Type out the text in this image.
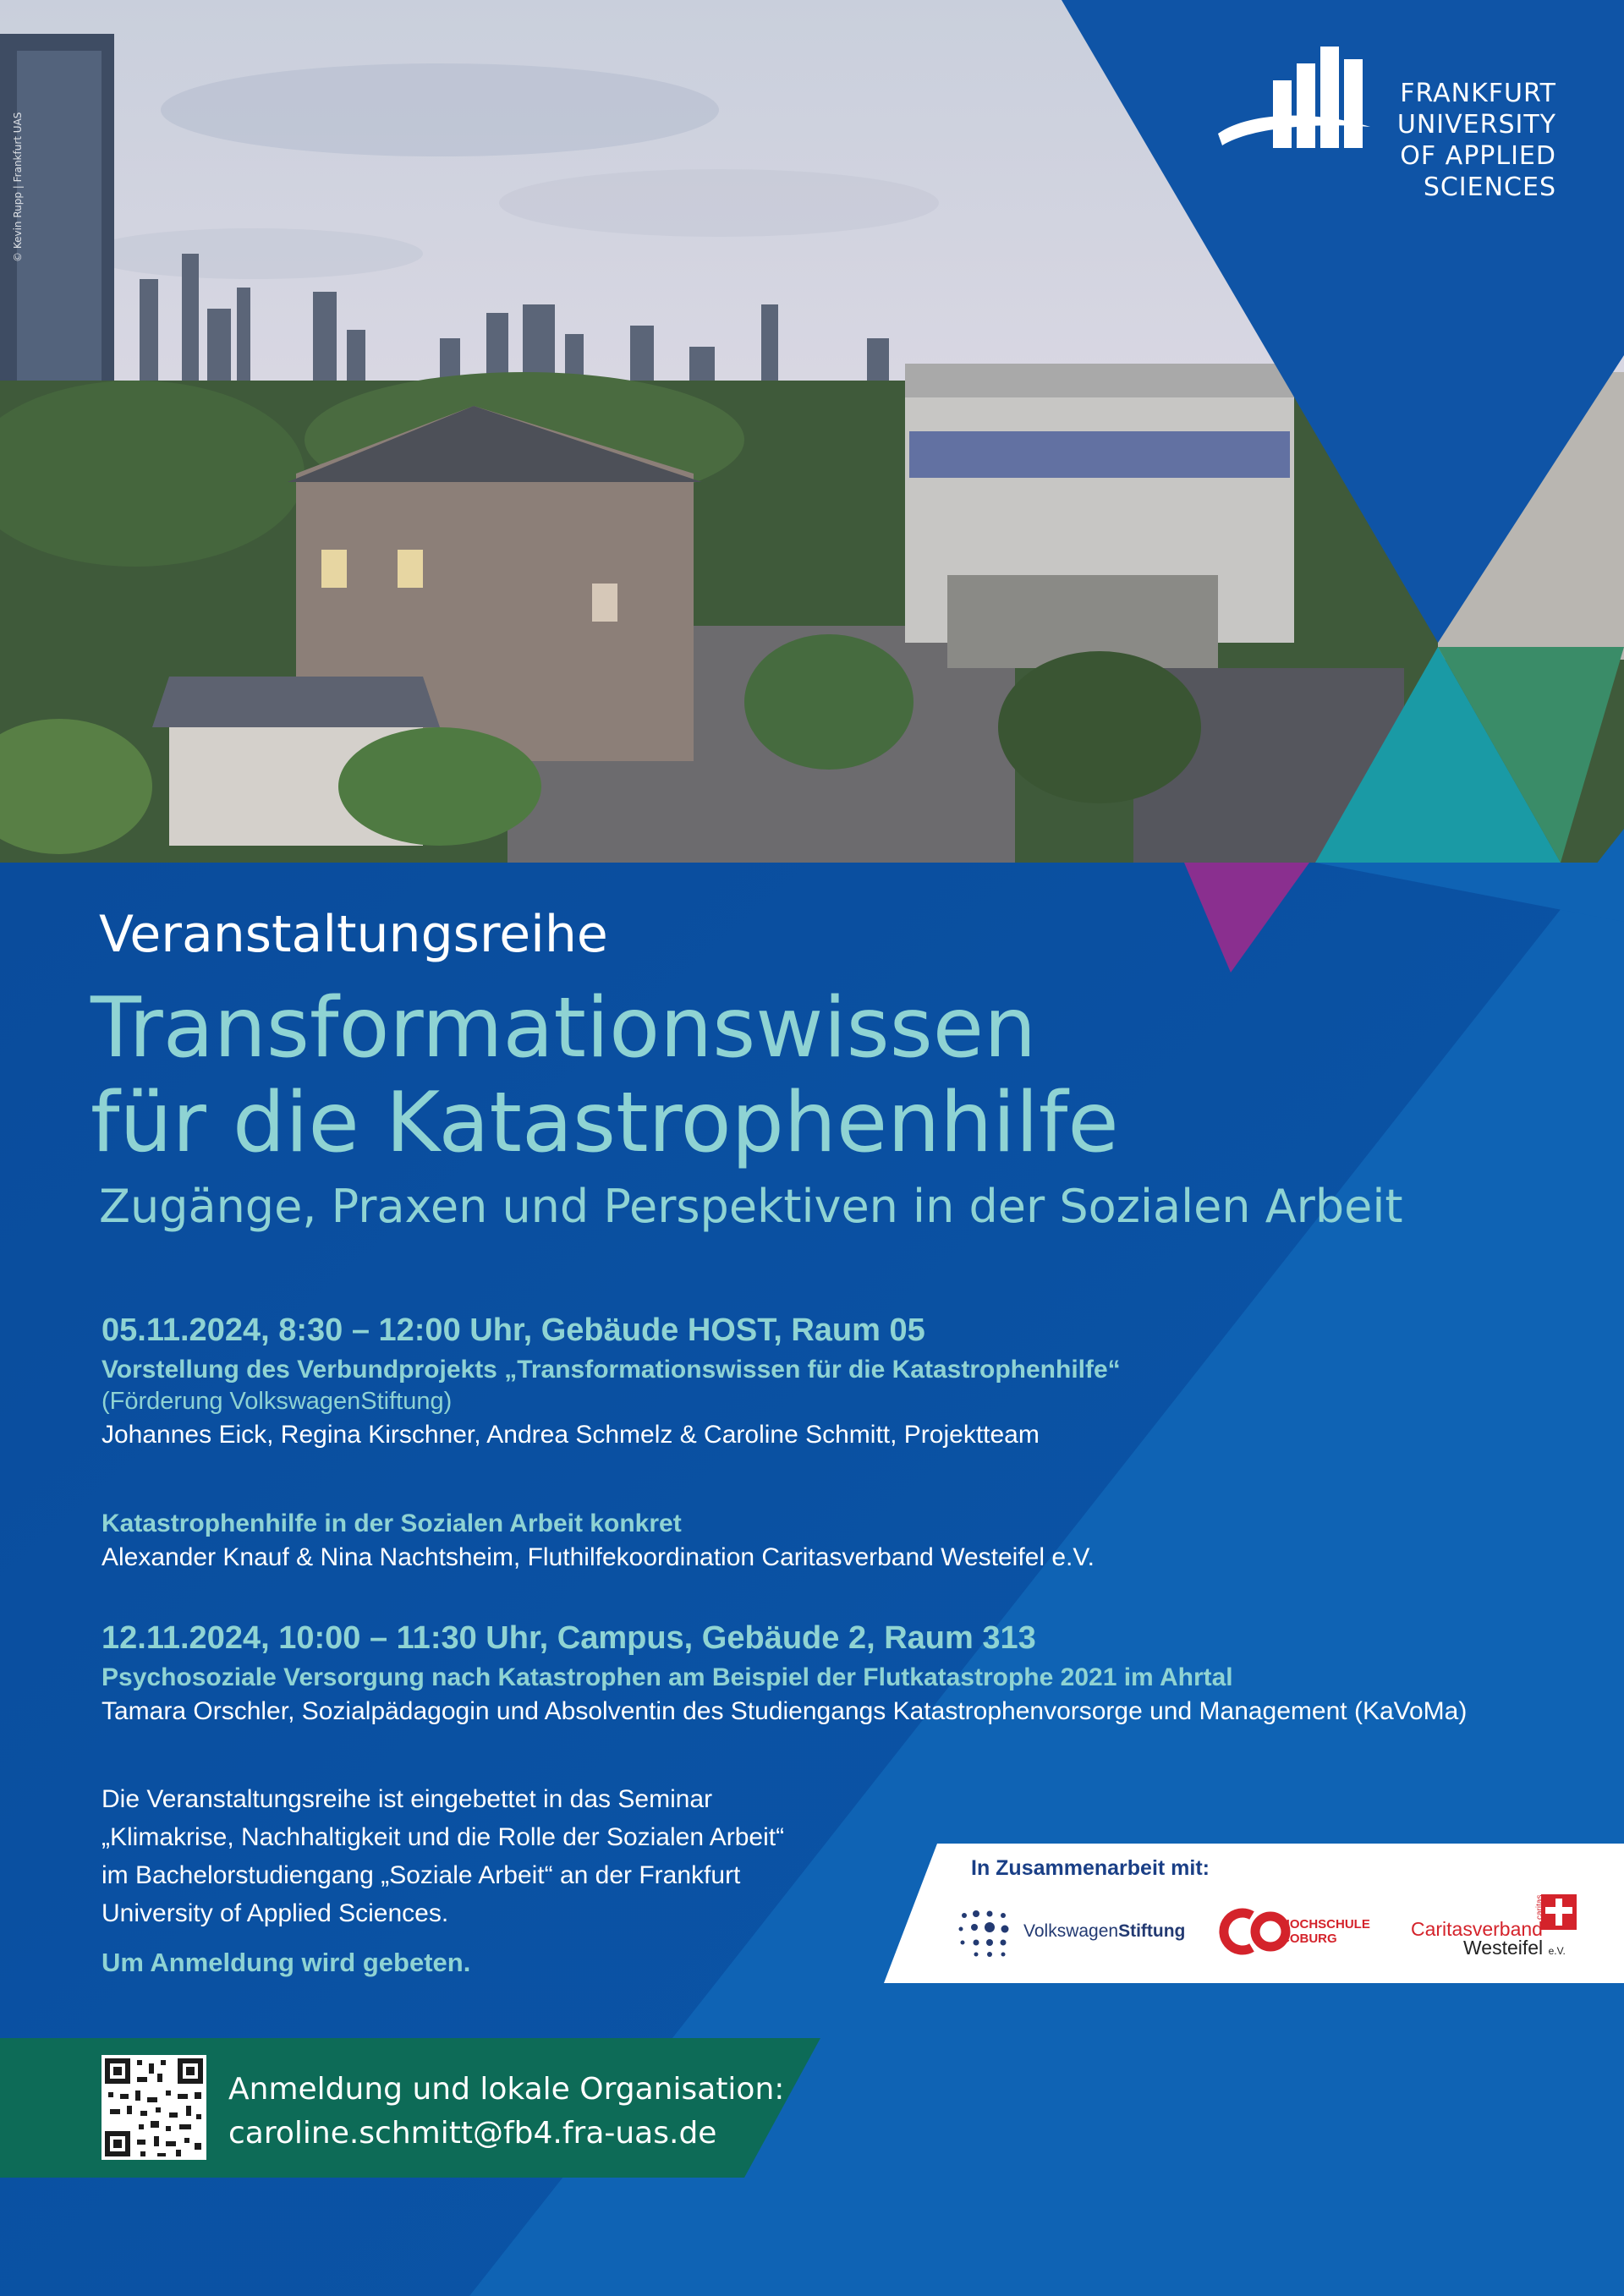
© Kevin Rupp | Frankfurt UAS
FRANKFURT
UNIVERSITY
OF APPLIED SCIENCES
Veranstaltungsreihe
Transformationswissen
für die Katastrophenhilfe
Zugänge, Praxen und Perspektiven in der Sozialen Arbeit
05.11.2024, 8:30 – 12:00 Uhr, Gebäude HOST, Raum 05
Vorstellung des Verbundprojekts „Transformationswissen für die Katastrophenhilfe“
(Förderung VolkswagenStiftung)
Johannes Eick, Regina Kirschner, Andrea Schmelz & Caroline Schmitt, Projektteam
Katastrophenhilfe in der Sozialen Arbeit konkret
Alexander Knauf & Nina Nachtsheim, Fluthilfekoordination Caritasverband Westeifel e.V.
12.11.2024, 10:00 – 11:30 Uhr, Campus, Gebäude 2, Raum 313
Psychosoziale Versorgung nach Katastrophen am Beispiel der Flutkatastrophe 2021 im Ahrtal
Tamara Orschler, Sozialpädagogin und Absolventin des Studiengangs Katastrophenvorsorge und Management (KaVoMa)
Die Veranstaltungsreihe ist eingebettet in das Seminar „Klimakrise, Nachhaltigkeit und die Rolle der Sozialen Arbeit“ im Bachelorstudiengang „Soziale Arbeit“ an der Frankfurt University of Applied Sciences.
Um Anmeldung wird gebeten.
In Zusammenarbeit mit:
VolkswagenStiftung	HOCHSCHULE
COBURG	Caritasverband
Westeifel e.V.
caritas
Anmeldung und lokale Organisation:
caroline.schmitt@fb4.fra-uas.de
